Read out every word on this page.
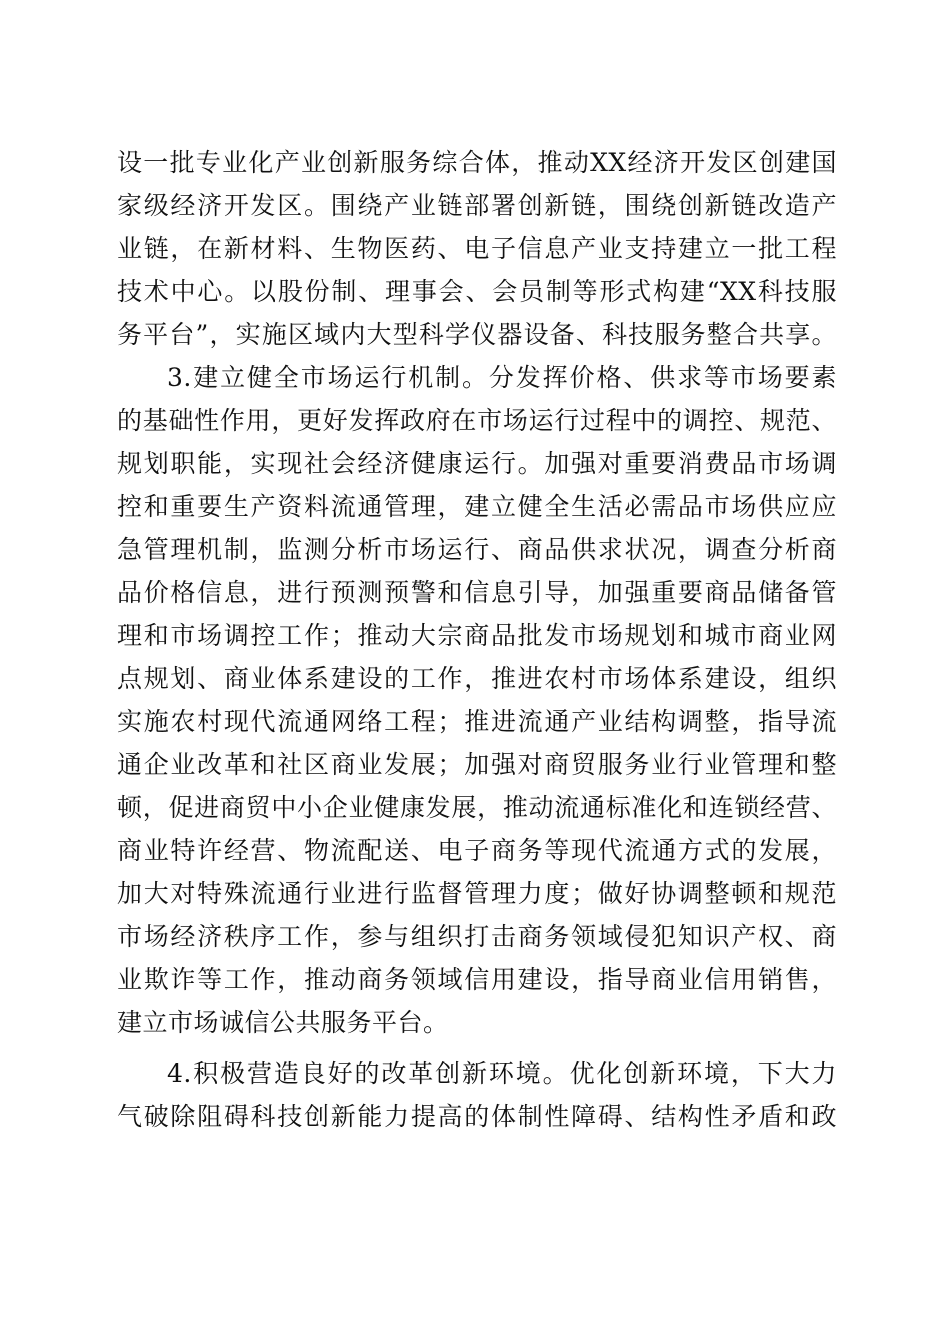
设一批专业化产业创新服务综合体，推动XX经济开发区创建国
家级经济开发区。围绕产业链部署创新链，围绕创新链改造产
业链，在新材料、生物医药、电子信息产业支持建立一批工程
技术中心。以股份制、理事会、会员制等形式构建“XX科技服
务平台”，实施区域内大型科学仪器设备、科技服务整合共享。
3.建立健全市场运行机制。分发挥价格、供求等市场要素
的基础性作用，更好发挥政府在市场运行过程中的调控、规范、
规划职能，实现社会经济健康运行。加强对重要消费品市场调
控和重要生产资料流通管理，建立健全生活必需品市场供应应
急管理机制，监测分析市场运行、商品供求状况，调查分析商
品价格信息，进行预测预警和信息引导，加强重要商品储备管
理和市场调控工作；推动大宗商品批发市场规划和城市商业网
点规划、商业体系建设的工作，推进农村市场体系建设，组织
实施农村现代流通网络工程；推进流通产业结构调整，指导流
通企业改革和社区商业发展；加强对商贸服务业行业管理和整
顿，促进商贸中小企业健康发展，推动流通标准化和连锁经营、
商业特许经营、物流配送、电子商务等现代流通方式的发展，
加大对特殊流通行业进行监督管理力度；做好协调整顿和规范
市场经济秩序工作，参与组织打击商务领域侵犯知识产权、商
业欺诈等工作，推动商务领域信用建设，指导商业信用销售，
建立市场诚信公共服务平台。
4.积极营造良好的改革创新环境。优化创新环境，下大力
气破除阻碍科技创新能力提高的体制性障碍、结构性矛盾和政
